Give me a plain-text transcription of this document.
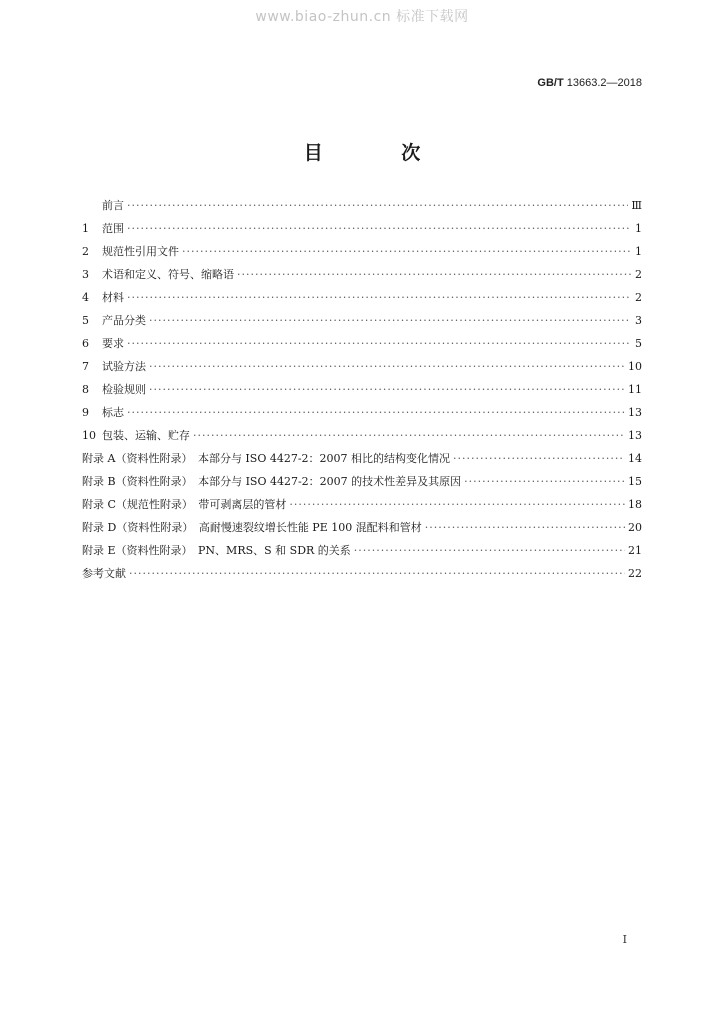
www.biao-zhun.cn 标准下载网
GB/T 13663.2—2018
目 次
前言 ·····	Ⅲ
1	范围 ·····	1
2	规范性引用文件 ·····	1
3	术语和定义、符号、缩略语 ·····	2
4	材料 ·····	2
5	产品分类 ·····	3
6	要求 ·····	5
7	试验方法 ·····	10
8	检验规则 ·····	11
9	标志 ·····	13
10 包装、运输、贮存 ·····	13
附录 A（资料性附录）　本部分与 ISO 4427-2：2007 相比的结构变化情况 ·····	14
附录 B（资料性附录）　本部分与 ISO 4427-2：2007 的技术性差异及其原因 ·····	15
附录 C（规范性附录）　带可剥离层的管材 ·····	18
附录 D（资料性附录）　高耐慢速裂纹增长性能 PE 100 混配料和管材 ·····	20
附录 E（资料性附录）　PN、MRS、S 和 SDR 的关系 ·····	21
参考文献 ·····	22
I
